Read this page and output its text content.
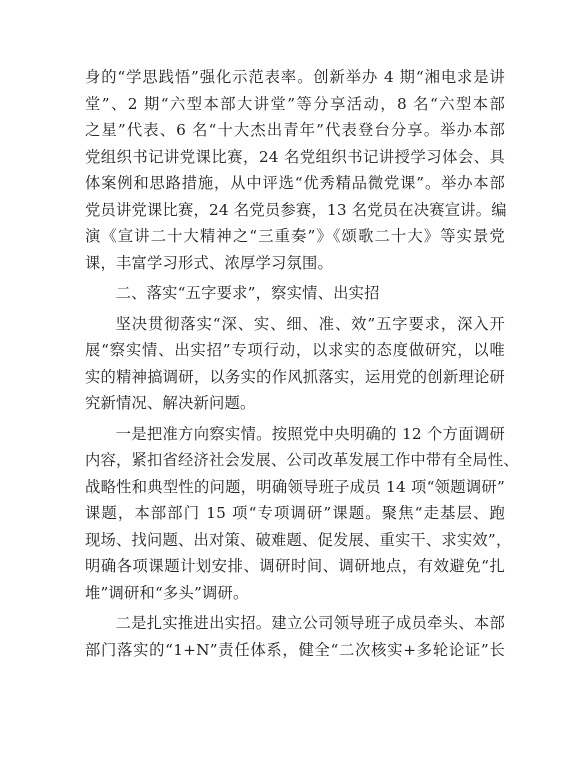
身的“学思践悟”强化示范表率。创新举办 4 期“湘电求是讲
堂”、2 期“六型本部大讲堂”等分享活动，8 名“六型本部
之星”代表、6 名“十大杰出青年”代表登台分享。举办本部
党组织书记讲党课比赛，24 名党组织书记讲授学习体会、具
体案例和思路措施，从中评选“优秀精品微党课”。举办本部
党员讲党课比赛，24 名党员参赛，13 名党员在决赛宣讲。编
演《宣讲二十大精神之“三重奏”》《颂歌二十大》等实景党
课，丰富学习形式、浓厚学习氛围。
二、落实“五字要求”，察实情、出实招
坚决贯彻落实“深、实、细、准、效”五字要求，深入开
展“察实情、出实招”专项行动，以求实的态度做研究，以唯
实的精神搞调研，以务实的作风抓落实，运用党的创新理论研
究新情况、解决新问题。
一是把准方向察实情。按照党中央明确的 12 个方面调研
内容，紧扣省经济社会发展、公司改革发展工作中带有全局性、
战略性和典型性的问题，明确领导班子成员 14 项“领题调研”
课题，本部部门 15 项“专项调研”课题。聚焦“走基层、跑
现场、找问题、出对策、破难题、促发展、重实干、求实效”，
明确各项课题计划安排、调研时间、调研地点，有效避免“扎
堆”调研和“多头”调研。
二是扎实推进出实招。建立公司领导班子成员牵头、本部
部门落实的“1+N”责任体系，健全“二次核实+多轮论证”长
